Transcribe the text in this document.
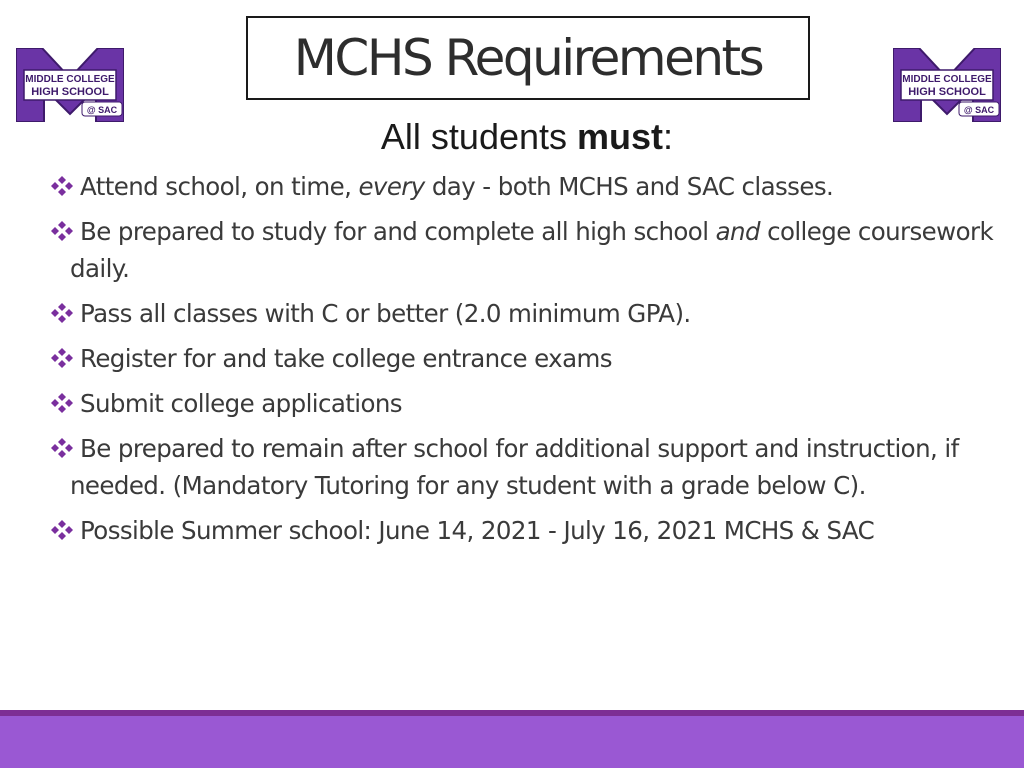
MIDDLE COLLEGE
HIGH SCHOOL
@ SAC
MCHS Requirements	MIDDLE COLLEGE
HIGH SCHOOL
@ SAC
All students must:
Attend school, on time, every day - both MCHS and SAC classes.
Be prepared to study for and complete all high school and college coursework daily.
Pass all classes with C or better (2.0 minimum GPA).
Register for and take college entrance exams
Submit college applications
Be prepared to remain after school for additional support and instruction, if needed. (Mandatory Tutoring for any student with a grade below C).
Possible Summer school: June 14, 2021 - July 16, 2021 MCHS & SAC
